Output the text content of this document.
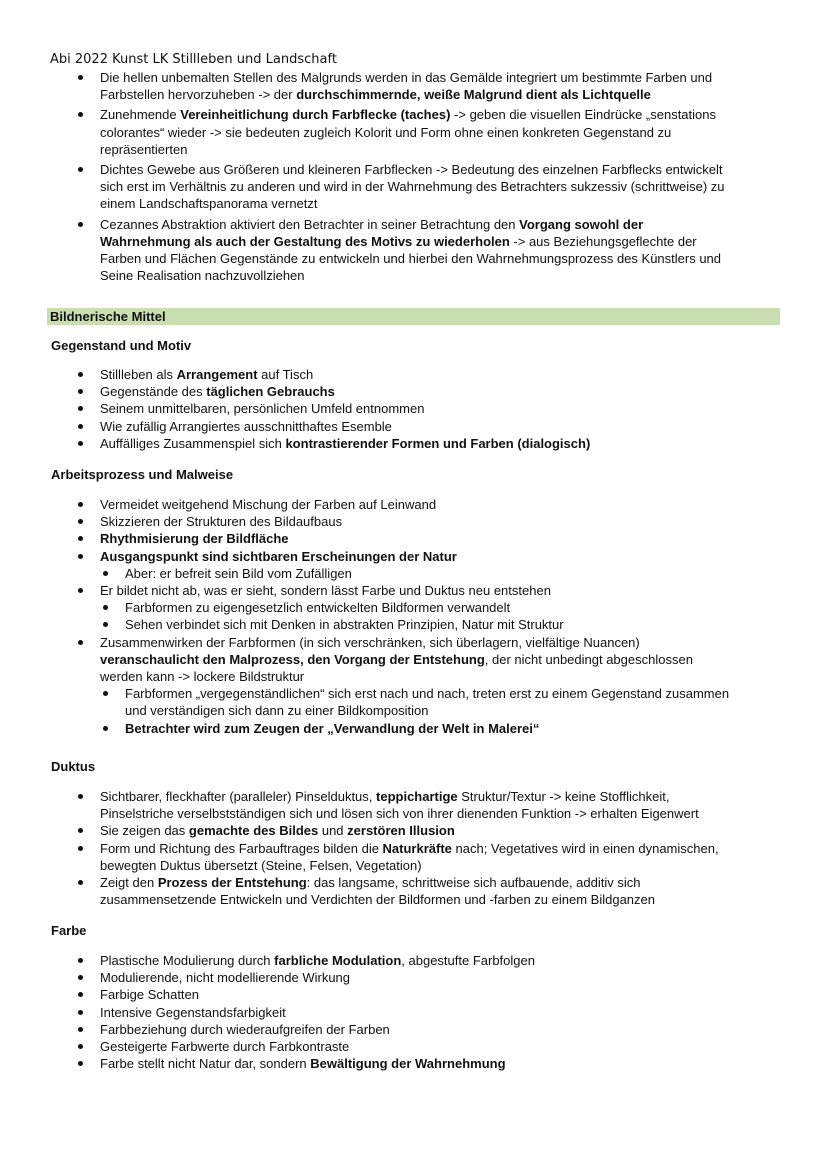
Abi 2022 Kunst LK Stillleben und Landschaft
Die hellen unbemalten Stellen des Malgrunds werden in das Gemälde integriert um bestimmte Farben und
Farbstellen hervorzuheben -> der durchschimmernde, weiße Malgrund dient als Lichtquelle
Zunehmende Vereinheitlichung durch Farbflecke (taches) -> geben die visuellen Eindrücke „senstations
colorantes“ wieder -> sie bedeuten zugleich Kolorit und Form ohne einen konkreten Gegenstand zu
repräsentierten
Dichtes Gewebe aus Größeren und kleineren Farbflecken -> Bedeutung des einzelnen Farbflecks entwickelt
sich erst im Verhältnis zu anderen und wird in der Wahrnehmung des Betrachters sukzessiv (schrittweise) zu
einem Landschaftspanorama vernetzt
Cezannes Abstraktion aktiviert den Betrachter in seiner Betrachtung den Vorgang sowohl der
Wahrnehmung als auch der Gestaltung des Motivs zu wiederholen -> aus Beziehungsgeflechte der
Farben und Flächen Gegenstände zu entwickeln und hierbei den Wahrnehmungsprozess des Künstlers und
Seine Realisation nachzuvollziehen
Bildnerische Mittel
Gegenstand und Motiv
Stillleben als Arrangement auf Tisch
Gegenstände des täglichen Gebrauchs
Seinem unmittelbaren, persönlichen Umfeld entnommen
Wie zufällig Arrangiertes ausschnitthaftes Esemble
Auffälliges Zusammenspiel sich kontrastierender Formen und Farben (dialogisch)
Arbeitsprozess und Malweise
Vermeidet weitgehend Mischung der Farben auf Leinwand
Skizzieren der Strukturen des Bildaufbaus
Rhythmisierung der Bildfläche
Ausgangspunkt sind sichtbaren Erscheinungen der Natur
Aber: er befreit sein Bild vom Zufälligen
Er bildet nicht ab, was er sieht, sondern lässt Farbe und Duktus neu entstehen
Farbformen zu eigengesetzlich entwickelten Bildformen verwandelt
Sehen verbindet sich mit Denken in abstrakten Prinzipien, Natur mit Struktur
Zusammenwirken der Farbformen (in sich verschränken, sich überlagern, vielfältige Nuancen)
veranschaulicht den Malprozess, den Vorgang der Entstehung, der nicht unbedingt abgeschlossen
werden kann -> lockere Bildstruktur
Farbformen „vergegenständlichen“ sich erst nach und nach, treten erst zu einem Gegenstand zusammen
und verständigen sich dann zu einer Bildkomposition
Betrachter wird zum Zeugen der „Verwandlung der Welt in Malerei“
Duktus
Sichtbarer, fleckhafter (paralleler) Pinselduktus, teppichartige Struktur/Textur -> keine Stofflichkeit,
Pinselstriche verselbstständigen sich und lösen sich von ihrer dienenden Funktion -> erhalten Eigenwert
Sie zeigen das gemachte des Bildes und zerstören Illusion
Form und Richtung des Farbauftrages bilden die Naturkräfte nach; Vegetatives wird in einen dynamischen,
bewegten Duktus übersetzt (Steine, Felsen, Vegetation)
Zeigt den Prozess der Entstehung: das langsame, schrittweise sich aufbauende, additiv sich
zusammensetzende Entwickeln und Verdichten der Bildformen und -farben zu einem Bildganzen
Farbe
Plastische Modulierung durch farbliche Modulation, abgestufte Farbfolgen
Modulierende, nicht modellierende Wirkung
Farbige Schatten
Intensive Gegenstandsfarbigkeit
Farbbeziehung durch wiederaufgreifen der Farben
Gesteigerte Farbwerte durch Farbkontraste
Farbe stellt nicht Natur dar, sondern Bewältigung der Wahrnehmung
